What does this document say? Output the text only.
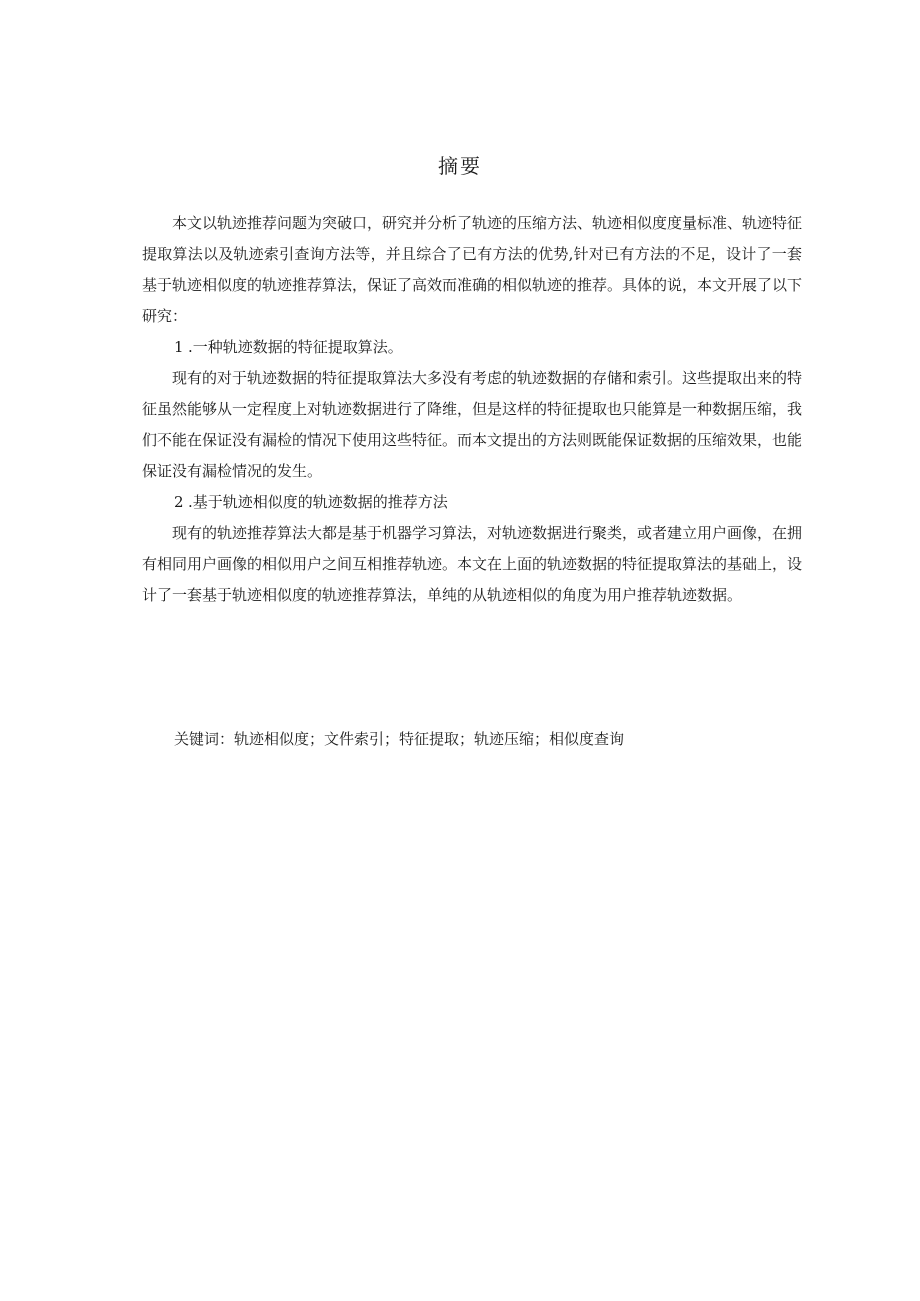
摘要

本文以轨迹推荐问题为突破口，研究并分析了轨迹的压缩方法、轨迹相似度度量标准、轨迹特征提取算法以及轨迹索引查询方法等，并且综合了已有方法的优势,针对已有方法的不足，设计了一套基于轨迹相似度的轨迹推荐算法，保证了高效而准确的相似轨迹的推荐。具体的说，本文开展了以下研究：

1 .一种轨迹数据的特征提取算法。

现有的对于轨迹数据的特征提取算法大多没有考虑的轨迹数据的存储和索引。这些提取出来的特征虽然能够从一定程度上对轨迹数据进行了降维，但是这样的特征提取也只能算是一种数据压缩，我们不能在保证没有漏检的情况下使用这些特征。而本文提出的方法则既能保证数据的压缩效果，也能保证没有漏检情况的发生。

2 .基于轨迹相似度的轨迹数据的推荐方法

现有的轨迹推荐算法大都是基于机器学习算法，对轨迹数据进行聚类，或者建立用户画像，在拥有相同用户画像的相似用户之间互相推荐轨迹。本文在上面的轨迹数据的特征提取算法的基础上，设计了一套基于轨迹相似度的轨迹推荐算法，单纯的从轨迹相似的角度为用户推荐轨迹数据。

关键词：轨迹相似度；文件索引；特征提取；轨迹压缩；相似度查询
